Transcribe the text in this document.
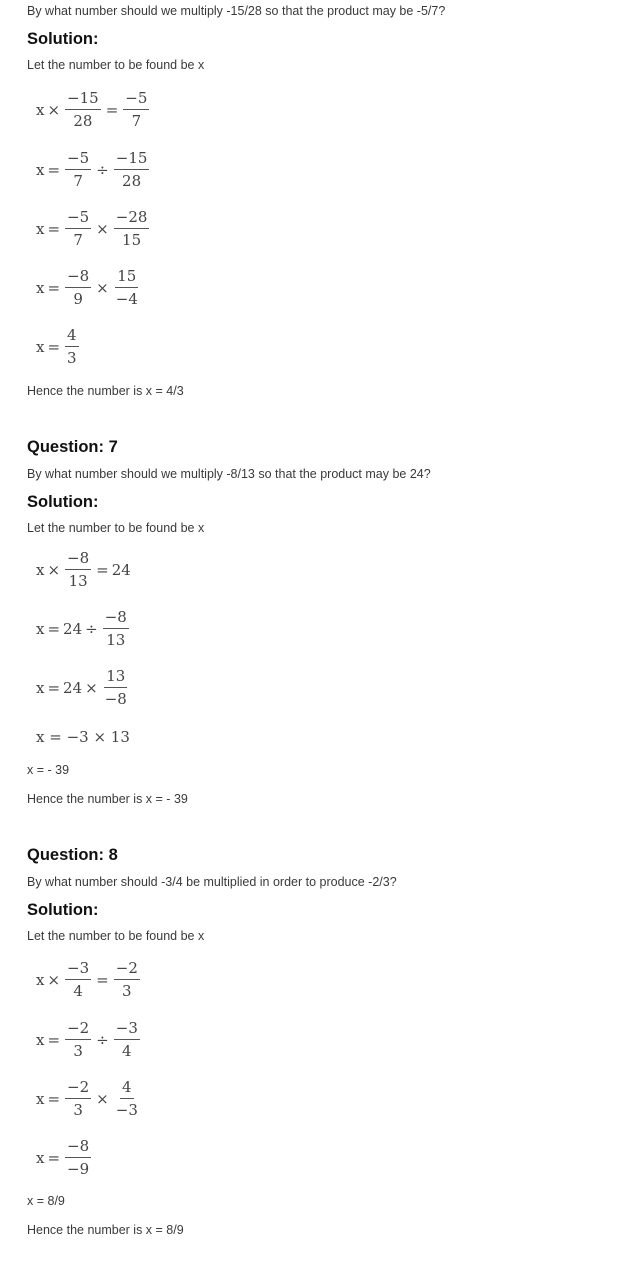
By what number should we multiply -15/28 so that the product may be -5/7?
Solution:
Let the number to be found be x
$x \times \frac{-15}{28} = \frac{-5}{7}$
$x = \frac{-5}{7} \div \frac{-15}{28}$
$x = \frac{-5}{7} \times \frac{-28}{15}$
$x = \frac{-8}{9} \times \frac{15}{-4}$
$x = \frac{4}{3}$
Hence the number is x = 4/3
Question: 7
By what number should we multiply -8/13 so that the product may be 24?
Solution:
Let the number to be found be x
$x \times \frac{-8}{13} = 24$
$x = 24 \div \frac{-8}{13}$
$x = 24 \times \frac{13}{-8}$
x = −3 × 13
x = - 39
Hence the number is x = - 39
Question: 8
By what number should -3/4 be multiplied in order to produce -2/3?
Solution:
Let the number to be found be x
$x \times \frac{-3}{4} = \frac{-2}{3}$
$x = \frac{-2}{3} \div \frac{-3}{4}$
$x = \frac{-2}{3} \times \frac{4}{-3}$
$x = \frac{-8}{-9}$
x = 8/9
Hence the number is x = 8/9
